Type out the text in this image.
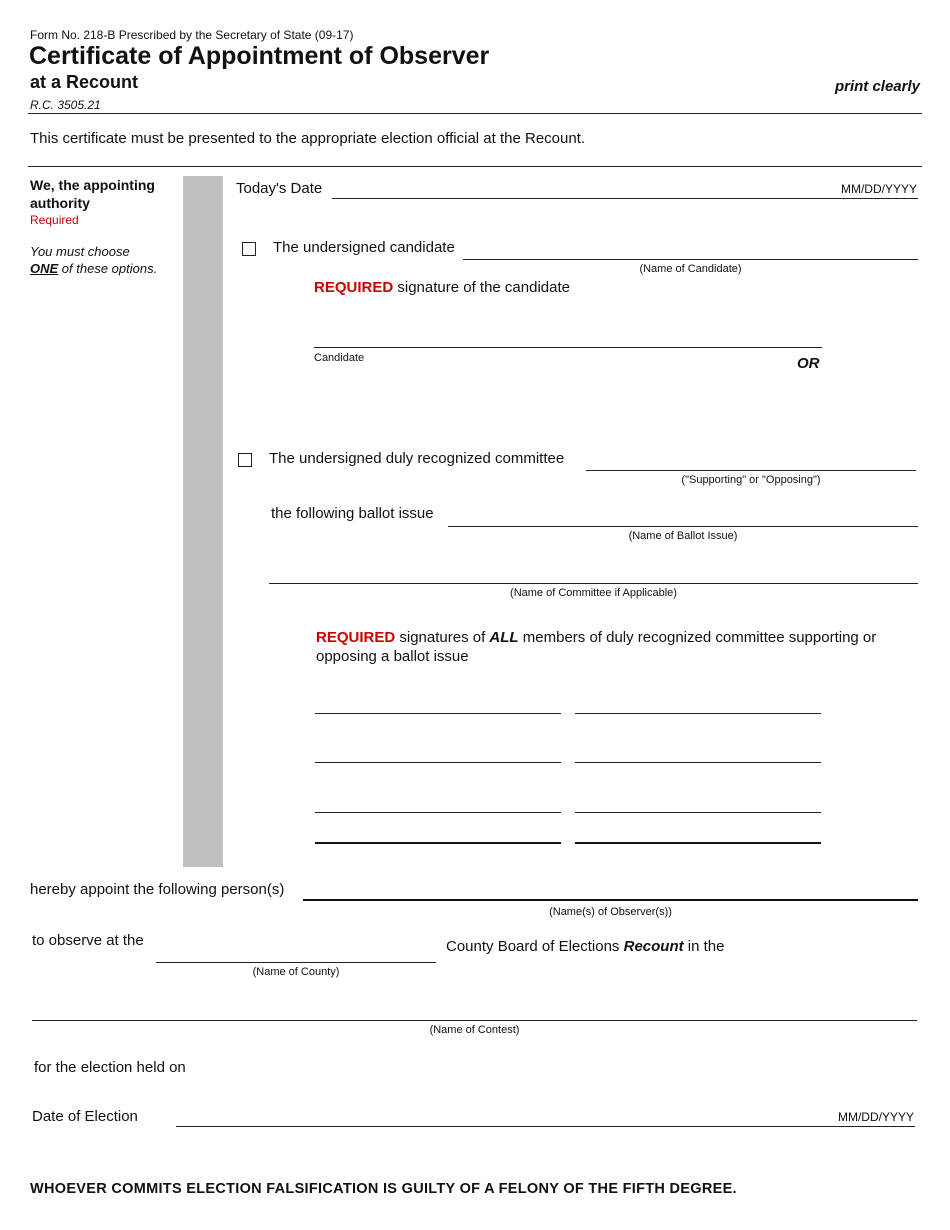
Form No. 218-B Prescribed by the Secretary of State (09-17)
Certificate of Appointment of Observer
at a Recount
R.C. 3505.21
print clearly
This certificate must be presented to the appropriate election official at the Recount.
We, the appointing authority
Required
You must choose
ONE of these options.
Today's Date	MM/DD/YYYY
The undersigned candidate
(Name of Candidate)
REQUIRED signature of the candidate
Candidate	OR
The undersigned duly recognized committee
("Supporting" or "Opposing")
the following ballot issue
(Name of Ballot Issue)
(Name of Committee if Applicable)
REQUIRED signatures of ALL members of duly recognized committee supporting or opposing a ballot issue
hereby appoint the following person(s)
(Name(s) of Observer(s))
to observe at the
(Name of County)
County Board of Elections Recount in the
(Name of Contest)
for the election held on
Date of Election	MM/DD/YYYY
WHOEVER COMMITS ELECTION FALSIFICATION IS GUILTY OF A FELONY OF THE FIFTH DEGREE.
